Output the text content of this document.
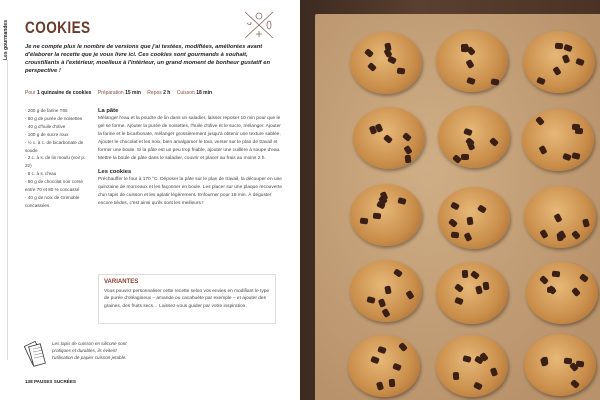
Les gourmandes COOKIES
Je ne compte plus le nombre de versions que j'ai testées, modifiées, améliorées avant d'élaborer la recette que je vous livre ici. Ces cookies sont gourmands à souhait, croustillants à l'extérieur, moelleux à l'intérieur, un grand moment de bonheur gustatif en perspective !
Pour 1 quinzaine de cookies Préparation 15 min Repos 2 h Cuisson 18 min
· 200 g de farine T65
· 60 g de purée de noisettes
· 40 g d'huile d'olive
· 100 g de sucre roux
· ½ c. à c. de bicarbonate de soude
· 2 c. à s. de lin moulu (voir p. 22)
· 5 c. à s. d'eau
· 50 g de chocolat noir corsé entre 70 et 80 % concassé
· 40 g de noix de Grenoble concassées
La pâte

Mélanger l'eau et la poudre de lin dans un saladier, laisser reposer 10 min pour que le gel se forme. Ajouter la purée de noisettes, l'huile d'olive et le sucre, mélanger. Ajouter la farine et le bicarbonate, mélanger grossièrement jusqu'à obtenir une texture sablée. Ajouter le chocolat et les noix, bien amalgamer le tout, verser sur le plan de travail et former une boule. Si la pâte est un peu trop friable, ajouter une cuillère à soupe d'eau. Mettre la boule de pâte dans le saladier, couvrir et placer au frais au moins 2 h.

Les cookies

Préchauffer le four à 170 °C. Déposer la pâte sur le plan de travail, la découper en une quinzaine de morceaux et les façonner en boule. Les placer sur une plaque recouverte d'un tapis de cuisson et les aplatir légèrement. Enfourner pour 18 min. À déguster encore tièdes, c'est ainsi qu'ils sont les meilleurs !

VARIANTES

Vous pouvez personnaliser cette recette selon vos envies en modifiant le type de purée d'oléagineux – amande ou cacahuète par exemple – et ajouter des graines, des fruits secs… Laissez-vous guider par votre inspiration.

Les tapis de cuisson en silicone sont pratiques et durables, ils évitent l'utilisation de papier cuisson jetable.
138 PAUSES SUCRÉES
